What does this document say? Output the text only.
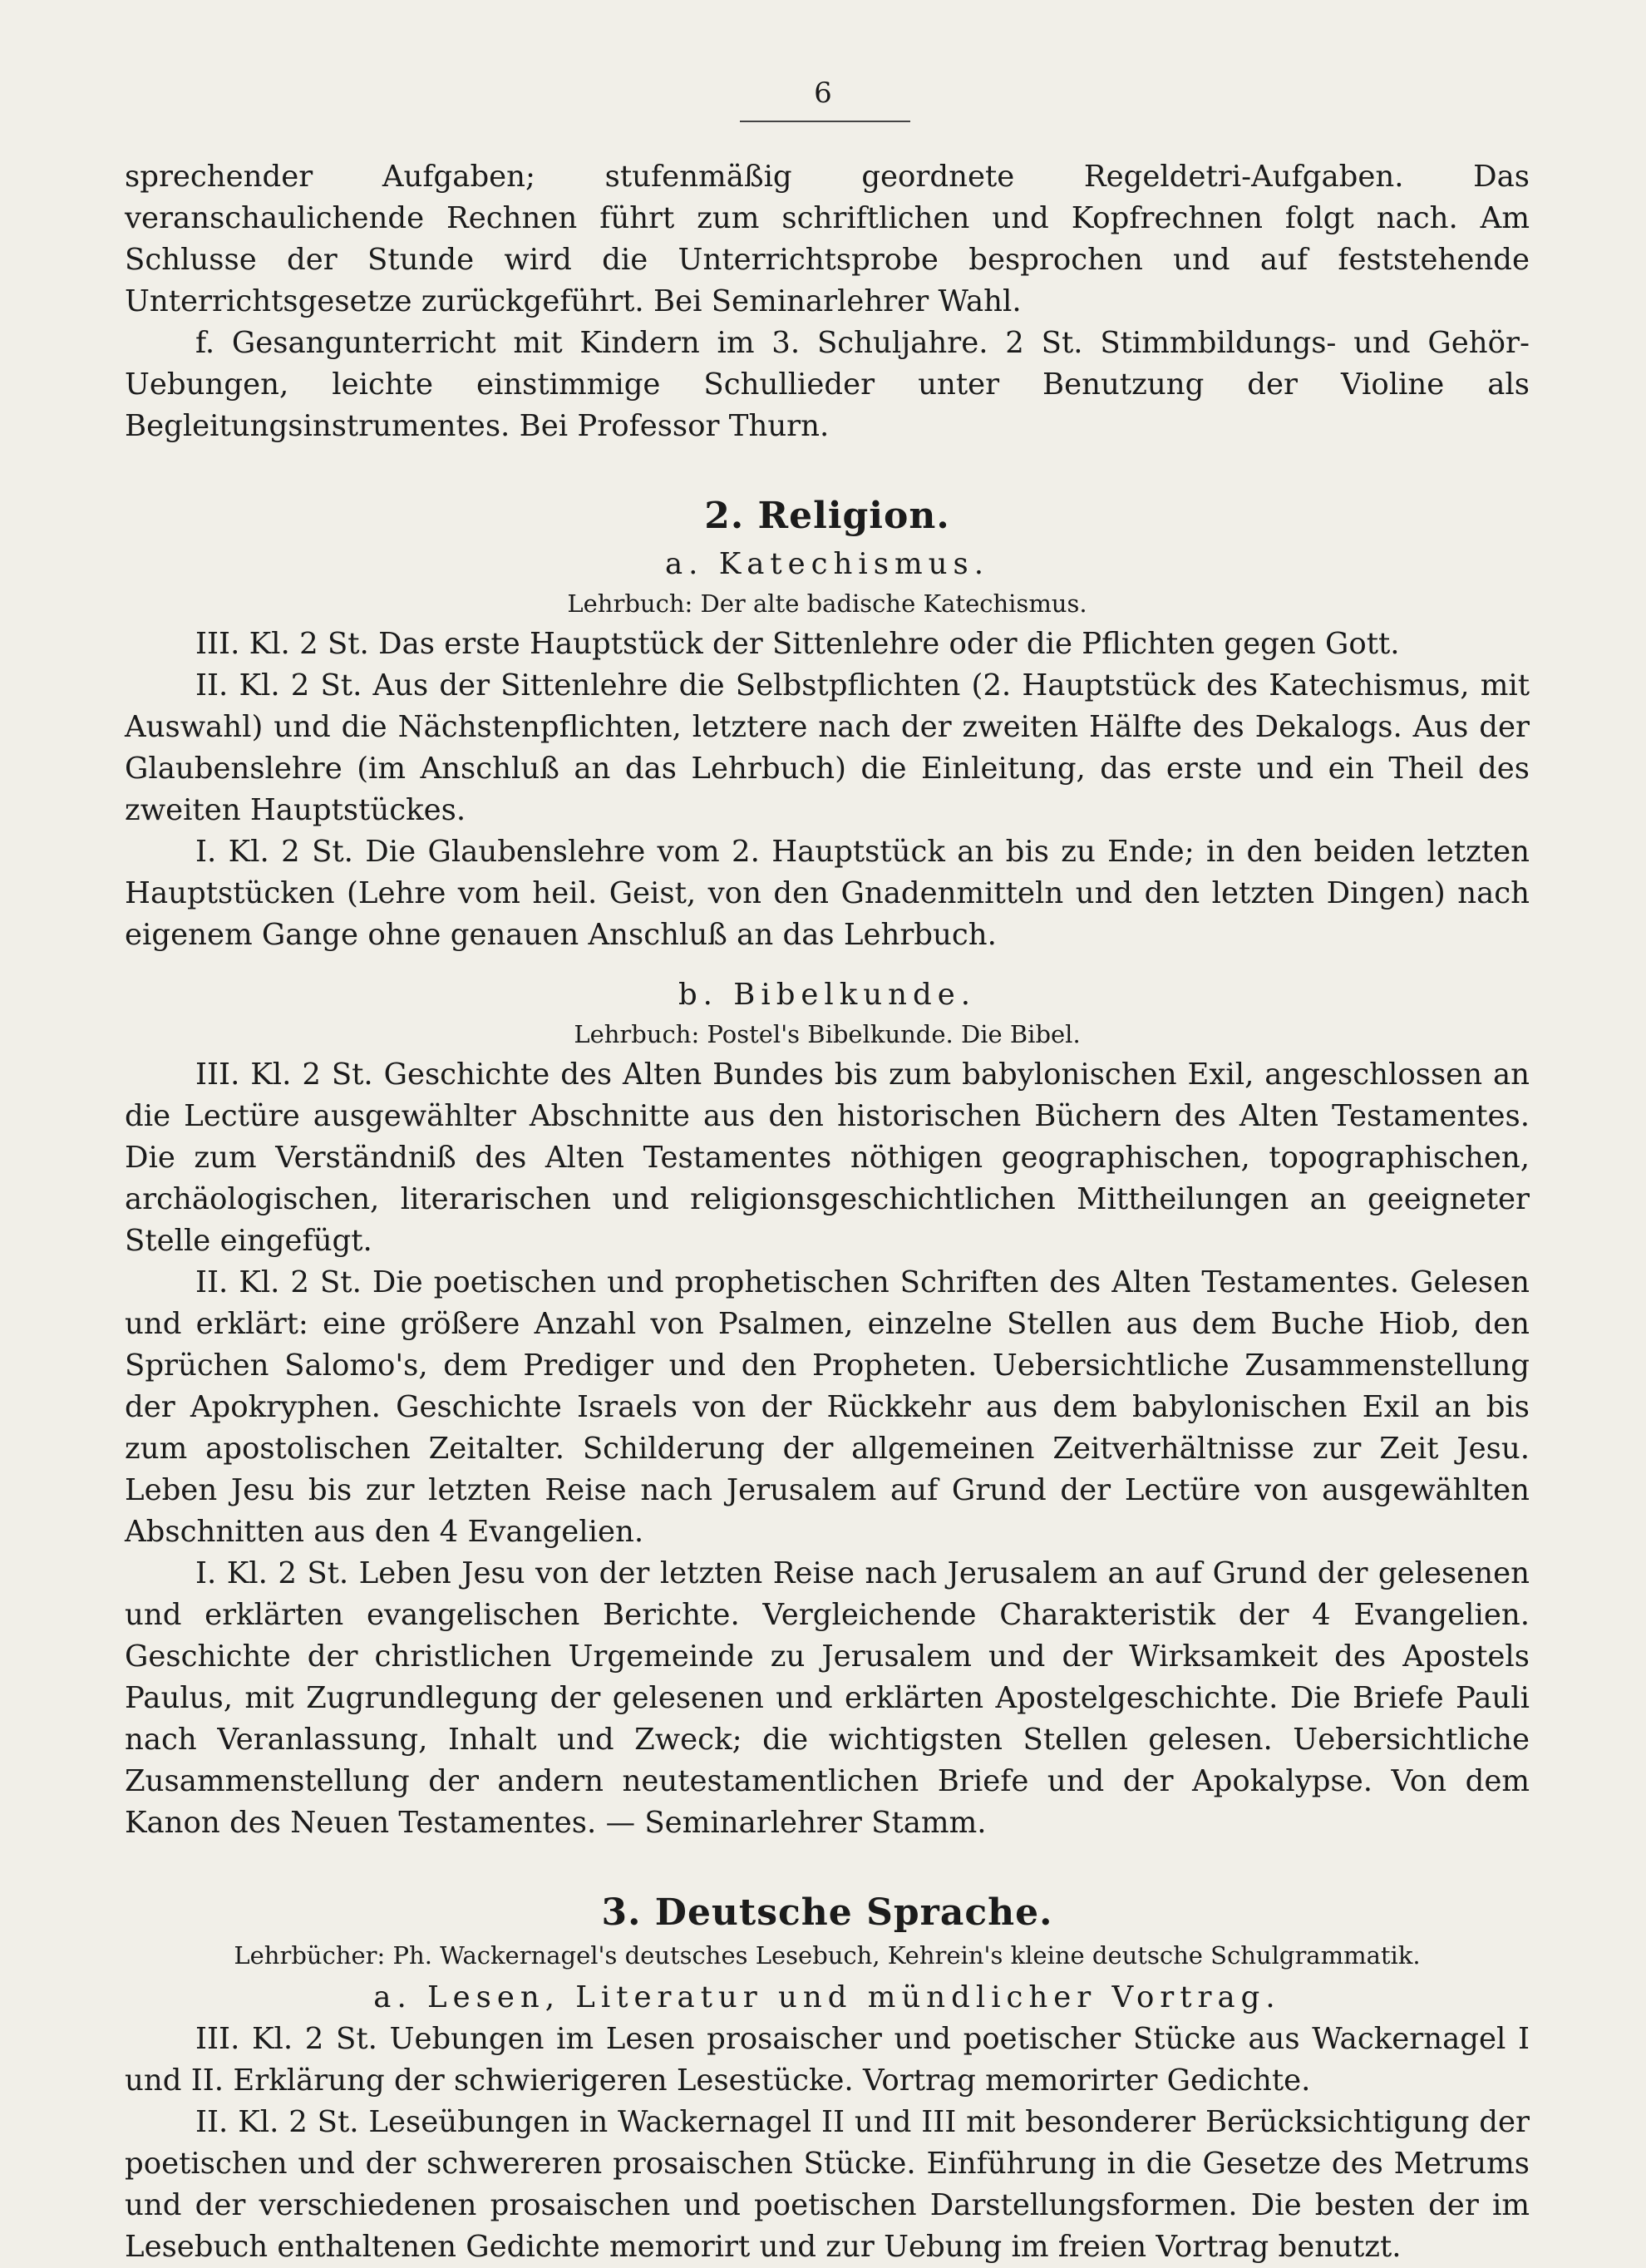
6

sprechender Aufgaben; stufenmäßig geordnete Regeldetri-Aufgaben. Das veranschaulichende Rechnen führt zum schriftlichen und Kopfrechnen folgt nach. Am Schlusse der Stunde wird die Unterrichtsprobe besprochen und auf feststehende Unterrichtsgesetze zurückgeführt. Bei Seminarlehrer Wahl.

f. Gesangunterricht mit Kindern im 3. Schuljahre. 2 St. Stimmbildungs- und Gehör-Uebungen, leichte einstimmige Schullieder unter Benutzung der Violine als Begleitungsinstrumentes. Bei Professor Thurn.

2. Religion.
a. Katechismus.
Lehrbuch: Der alte badische Katechismus.

III. Kl. 2 St. Das erste Hauptstück der Sittenlehre oder die Pflichten gegen Gott.

II. Kl. 2 St. Aus der Sittenlehre die Selbstpflichten (2. Hauptstück des Katechismus, mit Auswahl) und die Nächstenpflichten, letztere nach der zweiten Hälfte des Dekalogs. Aus der Glaubenslehre (im Anschluß an das Lehrbuch) die Einleitung, das erste und ein Theil des zweiten Hauptstückes.

I. Kl. 2 St. Die Glaubenslehre vom 2. Hauptstück an bis zu Ende; in den beiden letzten Hauptstücken (Lehre vom heil. Geist, von den Gnadenmitteln und den letzten Dingen) nach eigenem Gange ohne genauen Anschluß an das Lehrbuch.

b. Bibelkunde.
Lehrbuch: Postel's Bibelkunde. Die Bibel.

III. Kl. 2 St. Geschichte des Alten Bundes bis zum babylonischen Exil, angeschlossen an die Lectüre ausgewählter Abschnitte aus den historischen Büchern des Alten Testamentes. Die zum Verständniß des Alten Testamentes nöthigen geographischen, topographischen, archäologischen, literarischen und religionsgeschichtlichen Mittheilungen an geeigneter Stelle eingefügt.

II. Kl. 2 St. Die poetischen und prophetischen Schriften des Alten Testamentes. Gelesen und erklärt: eine größere Anzahl von Psalmen, einzelne Stellen aus dem Buche Hiob, den Sprüchen Salomo's, dem Prediger und den Propheten. Uebersichtliche Zusammenstellung der Apokryphen. Geschichte Israels von der Rückkehr aus dem babylonischen Exil an bis zum apostolischen Zeitalter. Schilderung der allgemeinen Zeitverhältnisse zur Zeit Jesu. Leben Jesu bis zur letzten Reise nach Jerusalem auf Grund der Lectüre von ausgewählten Abschnitten aus den 4 Evangelien.

I. Kl. 2 St. Leben Jesu von der letzten Reise nach Jerusalem an auf Grund der gelesenen und erklärten evangelischen Berichte. Vergleichende Charakteristik der 4 Evangelien. Geschichte der christlichen Urgemeinde zu Jerusalem und der Wirksamkeit des Apostels Paulus, mit Zugrundlegung der gelesenen und erklärten Apostelgeschichte. Die Briefe Pauli nach Veranlassung, Inhalt und Zweck; die wichtigsten Stellen gelesen. Uebersichtliche Zusammenstellung der andern neutestamentlichen Briefe und der Apokalypse. Von dem Kanon des Neuen Testamentes. — Seminarlehrer Stamm.

3. Deutsche Sprache.
Lehrbücher: Ph. Wackernagel's deutsches Lesebuch, Kehrein's kleine deutsche Schulgrammatik.
a. Lesen, Literatur und mündlicher Vortrag.

III. Kl. 2 St. Uebungen im Lesen prosaischer und poetischer Stücke aus Wackernagel I und II. Erklärung der schwierigeren Lesestücke. Vortrag memorirter Gedichte.

II. Kl. 2 St. Leseübungen in Wackernagel II und III mit besonderer Berücksichtigung der poetischen und der schwereren prosaischen Stücke. Einführung in die Gesetze des Metrums und der verschiedenen prosaischen und poetischen Darstellungsformen. Die besten der im Lesebuch enthaltenen Gedichte memorirt und zur Uebung im freien Vortrag benutzt.
